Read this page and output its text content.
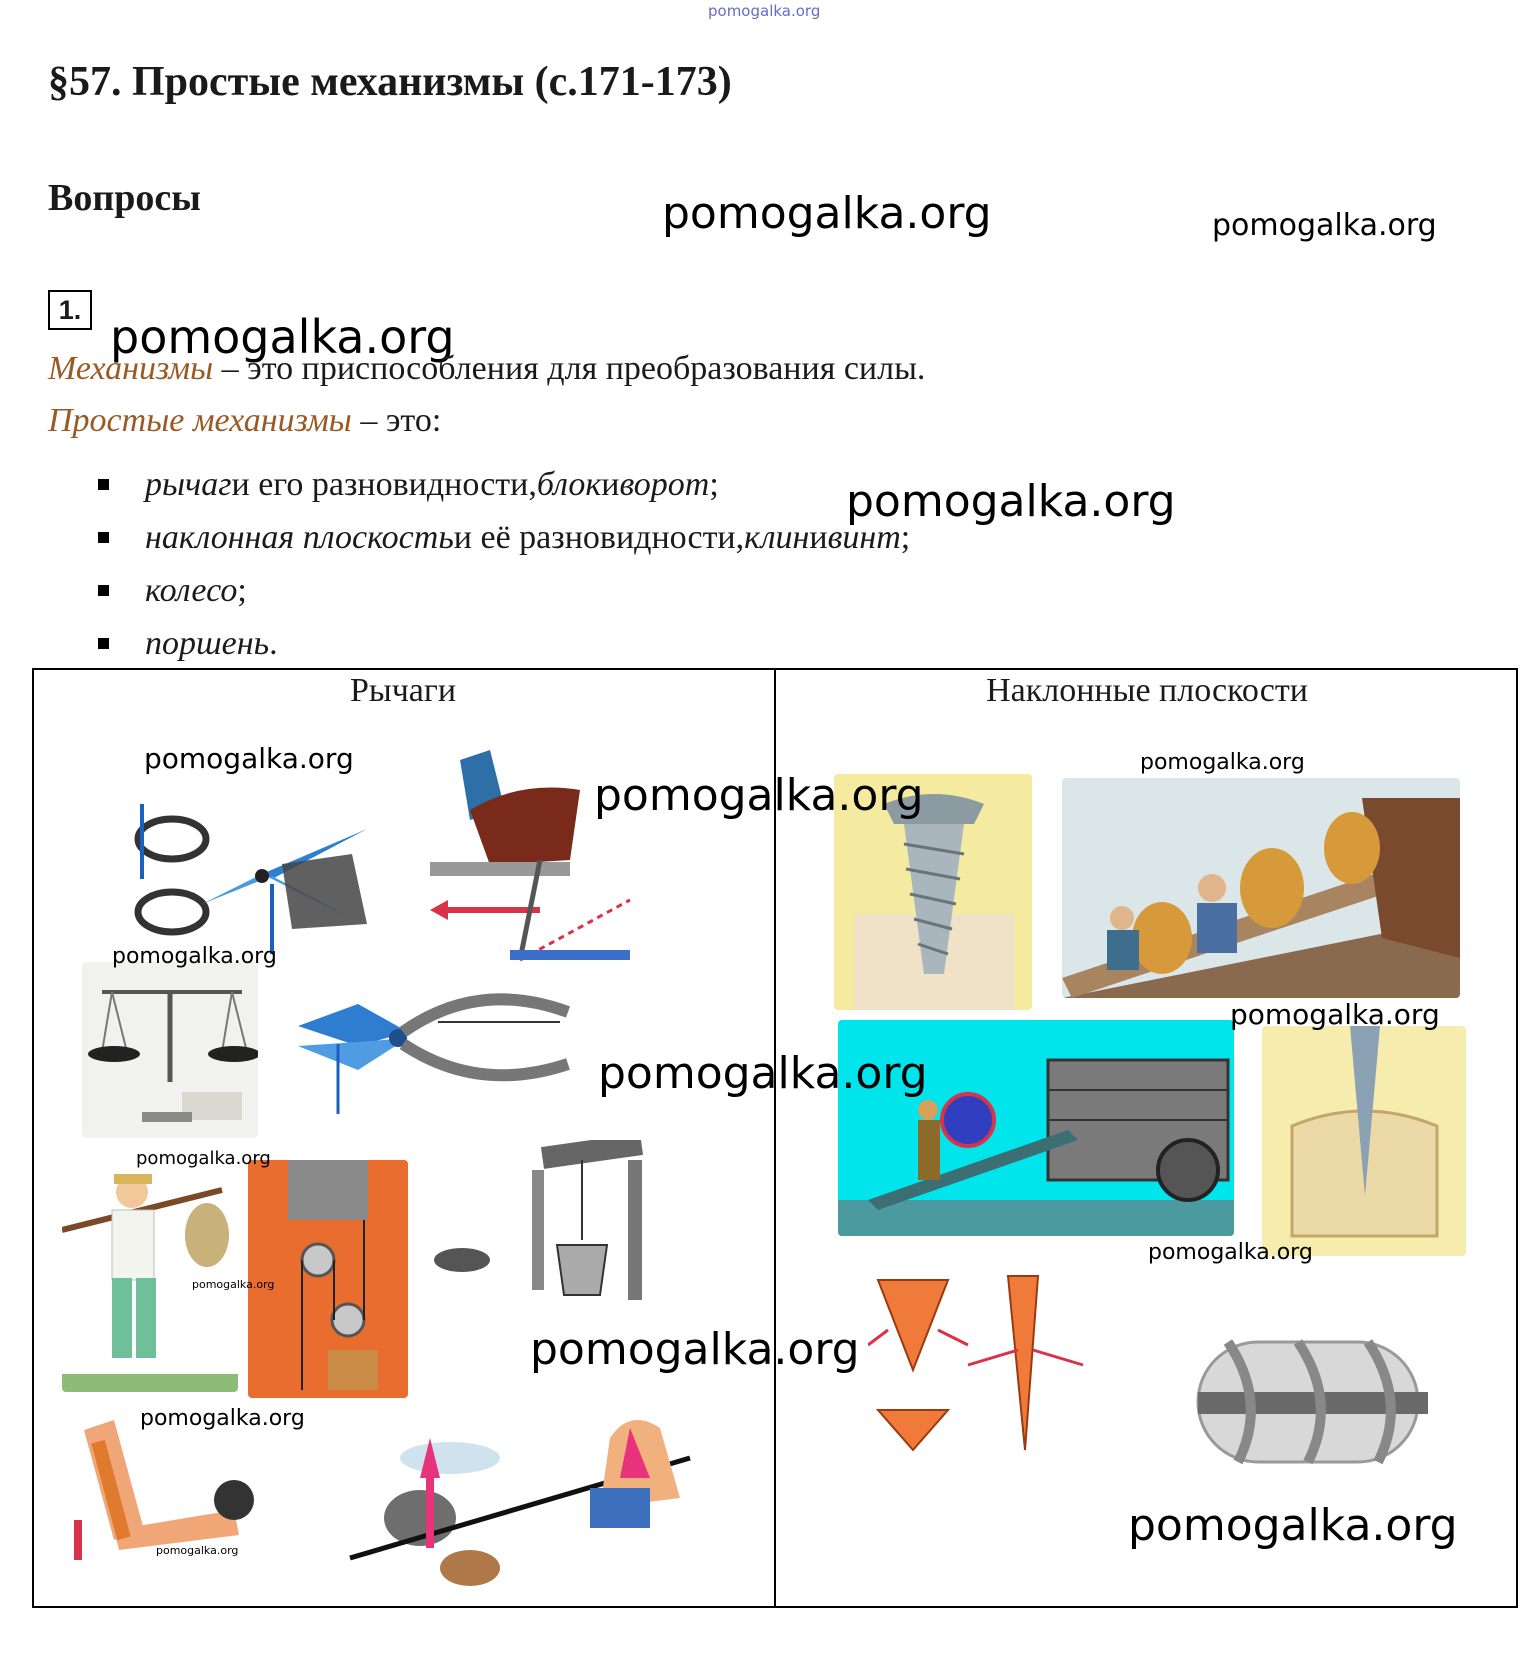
pomogalka.org
§57. Простые механизмы (с.171-173)
Вопросы	pomogalka.org	pomogalka.org
1.
pomogalka.org
Механизмы – это приспособления для преобразования силы.
Простые механизмы – это:
рычаг и его разновидности, блок и ворот ;
наклонная плоскость и её разновидности, клин и винт ;
колесо ;
поршень .
pomogalka.org
Рычаги	Наклонные плоскости
pomogalka.org
pomogalka.org
pomogalka.org
pomogalka.org
pomogalka.org
pomogalka.org
pomogalka.org
pomogalka.org
pomogalka.org
pomogalka.org
pomogalka.org
pomogalka.org
pomogalka.org
